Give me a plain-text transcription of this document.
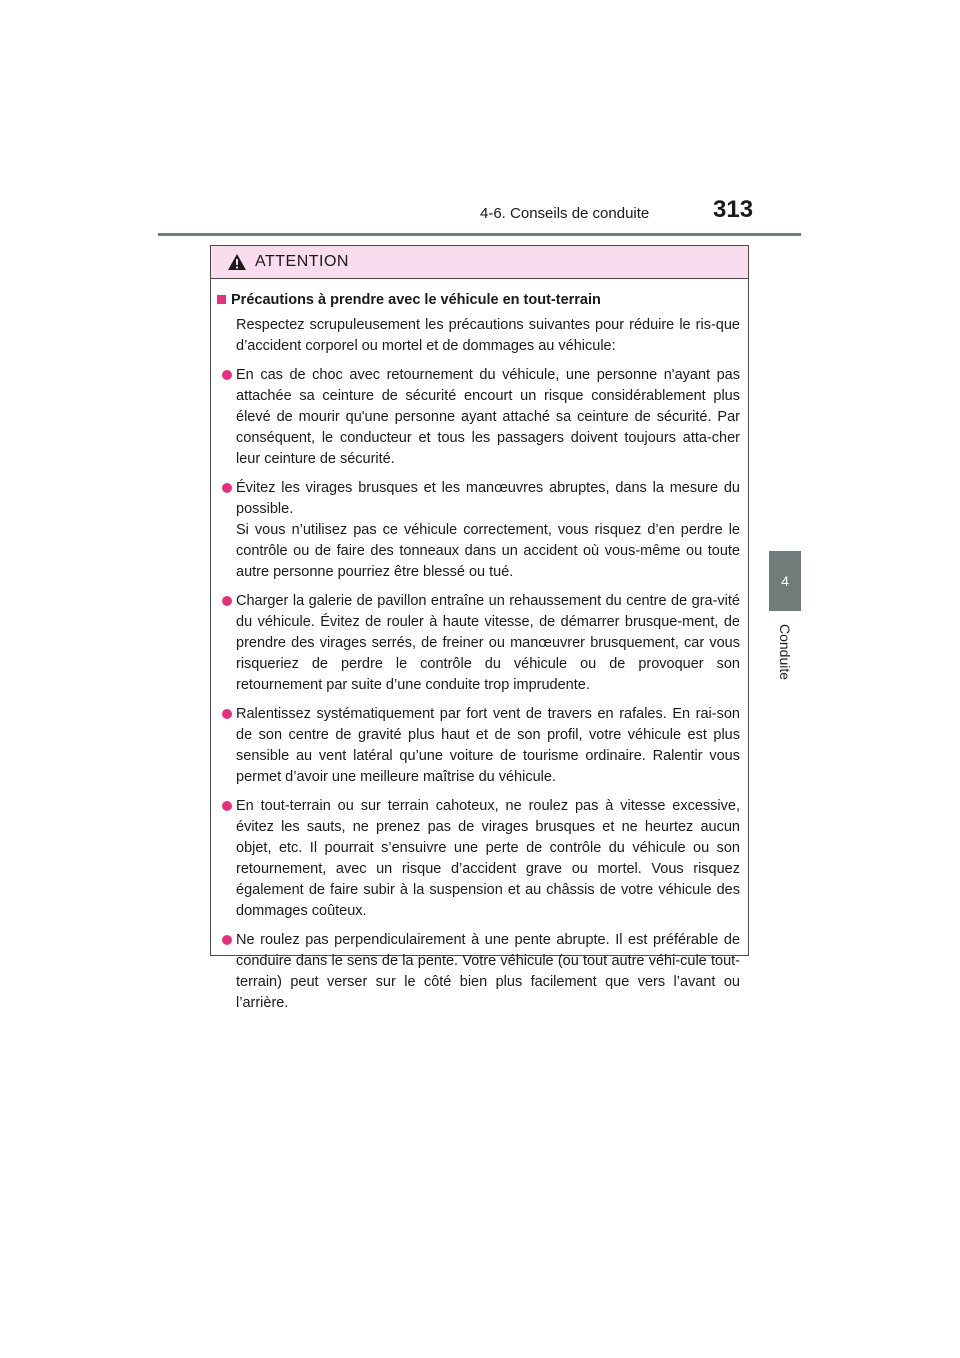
4-6. Conseils de conduite	313
4
Conduite
ATTENTION
Précautions à prendre avec le véhicule en tout-terrain
Respectez scrupuleusement les précautions suivantes pour réduire le ris-que d’accident corporel ou mortel et de dommages au véhicule:

En cas de choc avec retournement du véhicule, une personne n'ayant pas attachée sa ceinture de sécurité encourt un risque considérablement plus élevé de mourir qu'une personne ayant attaché sa ceinture de sécurité. Par conséquent, le conducteur et tous les passagers doivent toujours atta-cher leur ceinture de sécurité.

Évitez les virages brusques et les manœuvres abruptes, dans la mesure du possible.

Si vous n’utilisez pas ce véhicule correctement, vous risquez d’en perdre le contrôle ou de faire des tonneaux dans un accident où vous-même ou toute autre personne pourriez être blessé ou tué.

Charger la galerie de pavillon entraîne un rehaussement du centre de gra-vité du véhicule. Évitez de rouler à haute vitesse, de démarrer brusque-ment, de prendre des virages serrés, de freiner ou manœuvrer brusquement, car vous risqueriez de perdre le contrôle du véhicule ou de provoquer son retournement par suite d’une conduite trop imprudente.

Ralentissez systématiquement par fort vent de travers en rafales. En rai-son de son centre de gravité plus haut et de son profil, votre véhicule est plus sensible au vent latéral qu’une voiture de tourisme ordinaire. Ralentir vous permet d’avoir une meilleure maîtrise du véhicule.

En tout-terrain ou sur terrain cahoteux, ne roulez pas à vitesse excessive, évitez les sauts, ne prenez pas de virages brusques et ne heurtez aucun objet, etc. Il pourrait s’ensuivre une perte de contrôle du véhicule ou son retournement, avec un risque d’accident grave ou mortel. Vous risquez également de faire subir à la suspension et au châssis de votre véhicule des dommages coûteux.

Ne roulez pas perpendiculairement à une pente abrupte. Il est préférable de conduire dans le sens de la pente. Votre véhicule (ou tout autre véhi-cule tout-terrain) peut verser sur le côté bien plus facilement que vers l’avant ou l’arrière.
